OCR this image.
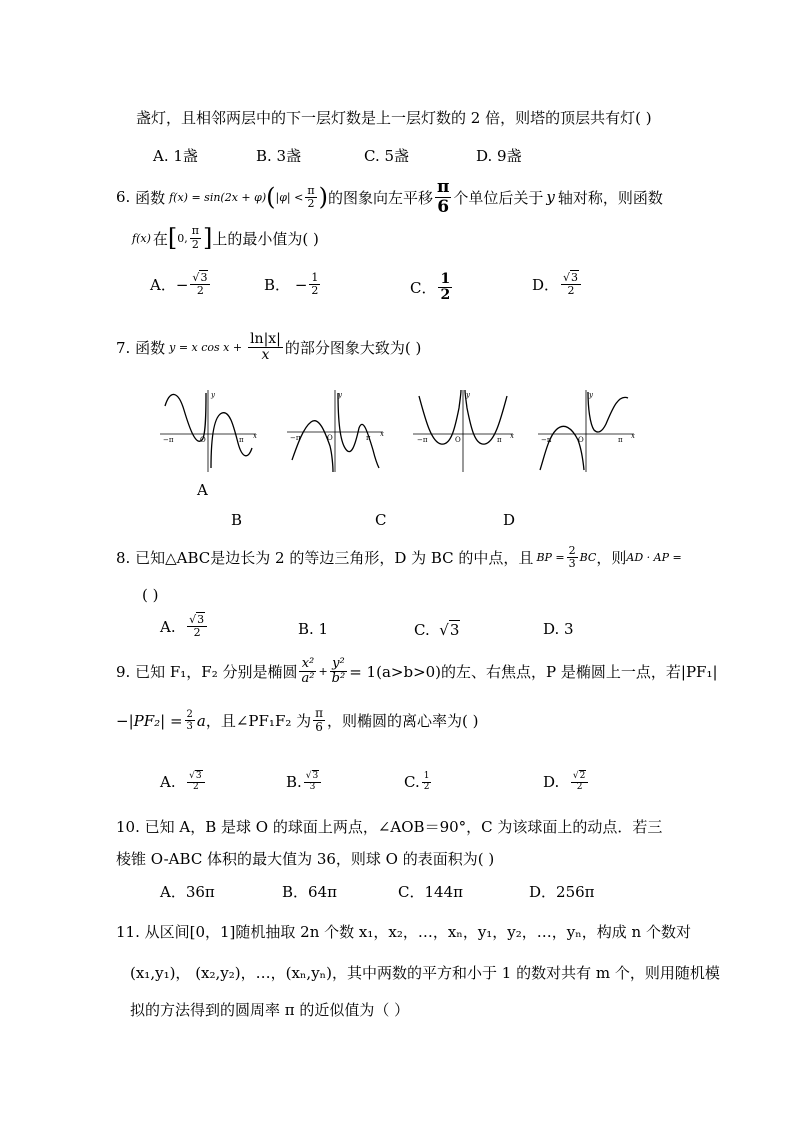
盏灯，且相邻两层中的下一层灯数是上一层灯数的 2 倍，则塔的顶层共有灯( )
A. 1盏	B. 3盏	C. 5盏	D. 9盏
6.
函数 f(x) = sin(2x + φ) ( $|\varphi| < \frac{\pi}{2}$ ) 的图象向左平移 $\frac{\pi}{6}$ 个单位后关于 y 轴对称，则函数
f(x) 在 [ 0, $\frac{\pi}{2}$ ] 上的最小值为( )
A． − $\frac{√3}{2}$	B．
− $\frac{1}{2}$	C． $\frac{1}{2}$	D． $\frac{√3}{2}$
7.
函数 y = x $\cos x + \frac{\ln|x|}{x}$ 的部分图象大致为( )
−π	O	π x
y
A
−π	O	π x
y
B
−π	O	π x
y
C
−π	O	π x
y
D
8.
已知△ABC是边长为 2 的等边三角形，D 为 BC 的中点，且 BP = $\frac{2}{3}$ BC ，则 AD · AP =
( )
A.
$\frac{√3}{2}$	B. 1	C. √ 3	D. 3
9.
已知 F₁，F₂ 分别是椭圆 $\frac{\text{x²}}{\text{a²}} + \frac{\text{y²}}{\text{b²}} = 1(a>b>0)$的左、右焦点，P 是椭圆上一点，若|PF₁|
$-|PF_2| = \frac{2}{3}$ a ，且∠PF₁F₂ 为 $\frac{\pi}{6}$ ，则椭圆的离心率为( )
A.
$\frac{√3}{2}$	B. $\frac{√3}{3}$	C. $\frac{1}{2}$	D.
$\frac{√2}{2}$
10. 已知 A，B 是球 O 的球面上两点，∠AOB＝90°，C 为该球面上的动点．若三
棱锥 O-ABC 体积的最大值为 36，则球 O 的表面积为( )
A．36π	B．64π	C．144π	D．256π
11. 从区间[0，1]随机抽取 2n 个数 x₁，x₂，…，xₙ，y₁，y₂，…，yₙ，构成 n 个数对
(x₁,y₁)， (x₂,y₂)，…，(xₙ,yₙ)，其中两数的平方和小于 1 的数对共有 m 个，则用随机模
拟的方法得到的圆周率 π 的近似值为（ ）
